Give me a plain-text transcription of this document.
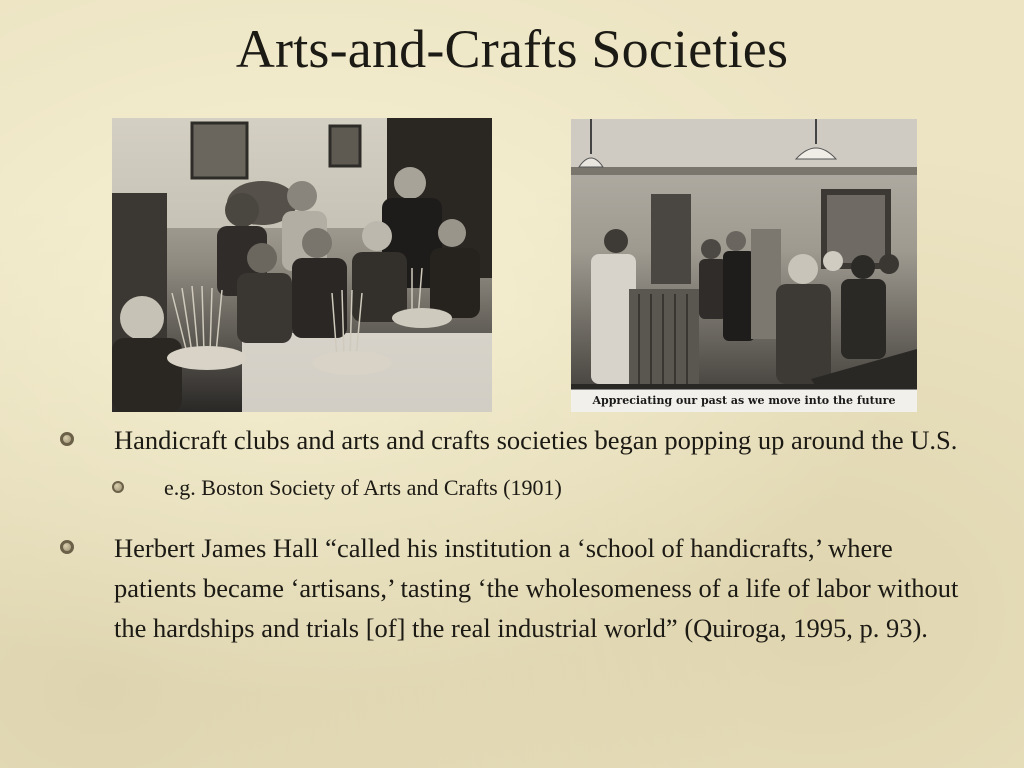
Arts-and-Crafts Societies
Appreciating our past as we move into the future
Handicraft clubs and arts and crafts societies began popping up around the U.S.
e.g. Boston Society of Arts and Crafts (1901)
Herbert James Hall “called his institution a ‘school of handicrafts,’ where patients became ‘artisans,’ tasting ‘the wholesomeness of a life of labor without the hardships and trials [of] the real industrial world” (Quiroga, 1995, p. 93).
